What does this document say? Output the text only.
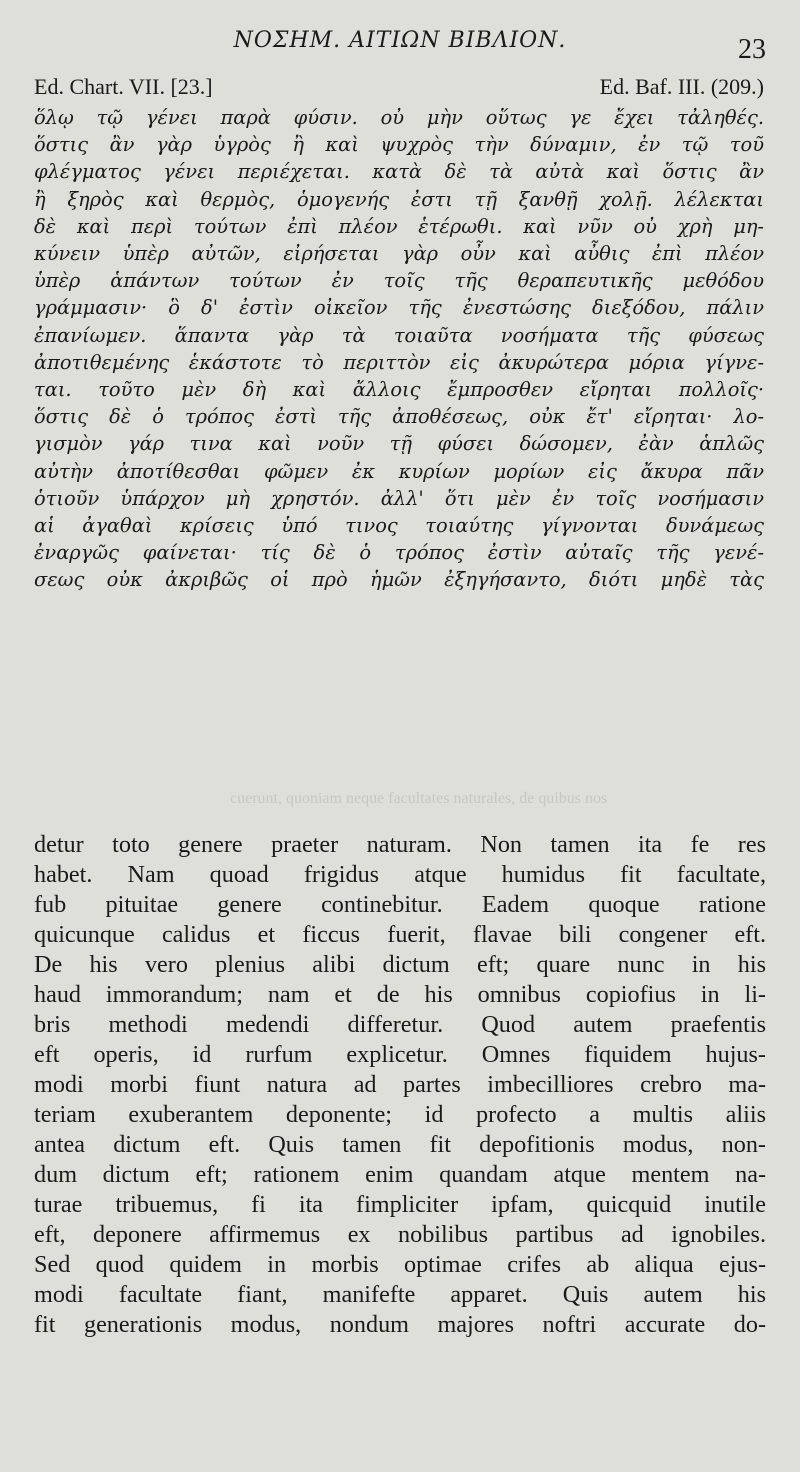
ΝΟΣΗΜ. ΑΙΤΙΩΝ ΒΙΒΛΙΟΝ.	23
Ed. Chart. VII. [23.]	Ed. Baf. III. (209.)
ὅλῳ τῷ γένει παρὰ φύσιν. οὐ μὴν οὕτως γε ἔχει τἀληθές.
ὅστις ἂν γὰρ ὑγρὸς ἢ καὶ ψυχρὸς τὴν δύναμιν, ἐν τῷ τοῦ
φλέγματος γένει περιέχεται. κατὰ δὲ τὰ αὐτὰ καὶ ὅστις ἂν
ἢ ξηρὸς καὶ θερμὸς, ὁμογενής ἐστι τῇ ξανθῇ χολῇ. λέλεκται
δὲ καὶ περὶ τούτων ἐπὶ πλέον ἑτέρωθι. καὶ νῦν οὐ χρὴ μη-
κύνειν ὑπὲρ αὐτῶν, εἰρήσεται γὰρ οὖν καὶ αὖθις ἐπὶ πλέον
ὑπὲρ ἁπάντων τούτων ἐν τοῖς τῆς θεραπευτικῆς μεθόδου
γράμμασιν· ὃ δ' ἐστὶν οἰκεῖον τῆς ἐνεστώσης διεξόδου, πάλιν
ἐπανίωμεν. ἅπαντα γὰρ τὰ τοιαῦτα νοσήματα τῆς φύσεως
ἀποτιθεμένης ἑκάστοτε τὸ περιττὸν εἰς ἀκυρώτερα μόρια γίγνε-
ται. τοῦτο μὲν δὴ καὶ ἄλλοις ἔμπροσθεν εἴρηται πολλοῖς·
ὅστις δὲ ὁ τρόπος ἐστὶ τῆς ἀποθέσεως, οὐκ ἔτ' εἴρηται· λο-
γισμὸν γάρ τινα καὶ νοῦν τῇ φύσει δώσομεν, ἐὰν ἁπλῶς
αὐτὴν ἀποτίθεσθαι φῶμεν ἐκ κυρίων μορίων εἰς ἄκυρα πᾶν
ὁτιοῦν ὑπάρχον μὴ χρηστόν. ἀλλ' ὅτι μὲν ἐν τοῖς νοσήμασιν
αἱ ἀγαθαὶ κρίσεις ὑπό τινος τοιαύτης γίγνονται δυνάμεως
ἐναργῶς φαίνεται· τίς δὲ ὁ τρόπος ἐστὶν αὐταῖς τῆς γενέ-
σεως οὐκ ἀκριβῶς οἱ πρὸ ἡμῶν ἐξηγήσαντο, διότι μηδὲ τὰς
cuerunt, quoniam neque facultates naturales, de quibus nos
detur toto genere praeter naturam. Non tamen ita fe res
habet. Nam quoad frigidus atque humidus fit facultate,
fub pituitae genere continebitur. Eadem quoque ratione
quicunque calidus et ficcus fuerit, flavae bili congener eft.
De his vero plenius alibi dictum eft; quare nunc in his
haud immorandum; nam et de his omnibus copiofius in li-
bris methodi medendi differetur. Quod autem praefentis
eft operis, id rurfum explicetur. Omnes fiquidem hujus-
modi morbi fiunt natura ad partes imbecilliores crebro ma-
teriam exuberantem deponente; id profecto a multis aliis
antea dictum eft. Quis tamen fit depofitionis modus, non-
dum dictum eft; rationem enim quandam atque mentem na-
turae tribuemus, fi ita fimpliciter ipfam, quicquid inutile
eft, deponere affirmemus ex nobilibus partibus ad ignobiles.
Sed quod quidem in morbis optimae crifes ab aliqua ejus-
modi facultate fiant, manifefte apparet. Quis autem his
fit generationis modus, nondum majores noftri accurate do-
